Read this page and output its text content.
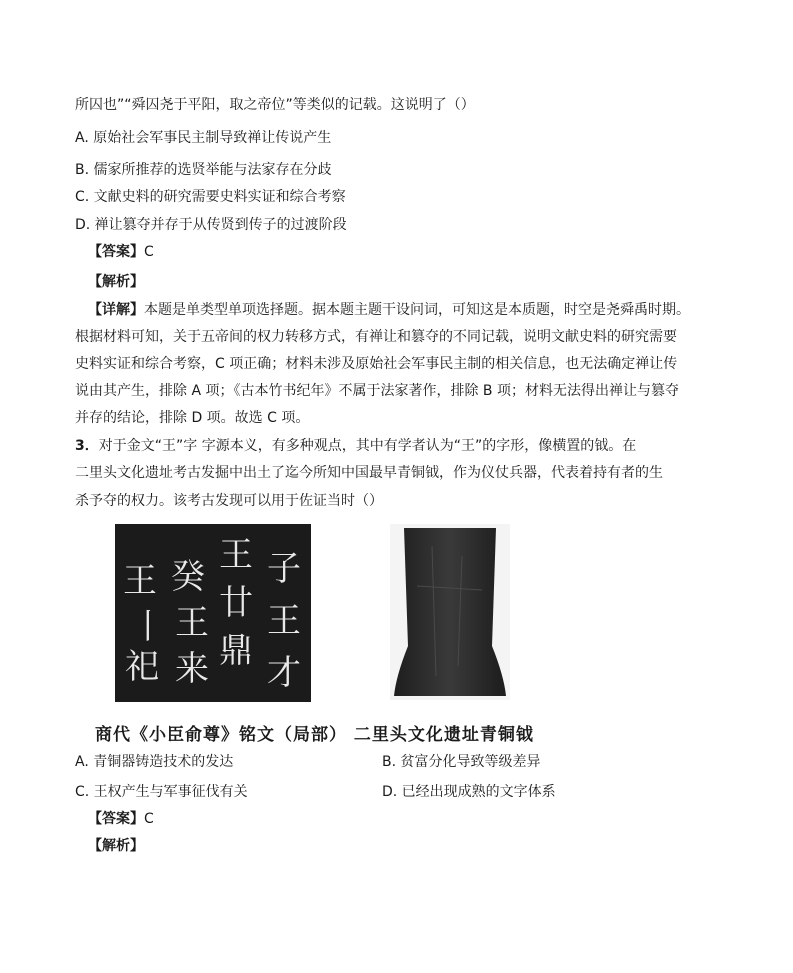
所囚也”“舜囚尧于平阳，取之帝位”等类似的记载。这说明了（）
A. 原始社会军事民主制导致禅让传说产生
B. 儒家所推荐的选贤举能与法家存在分歧
C. 文献史料的研究需要史料实证和综合考察
D. 禅让篡夺并存于从传贤到传子的过渡阶段
【答案】C
【解析】
【详解】本题是单类型单项选择题。据本题主题干设问词，可知这是本质题，时空是尧舜禹时期。
根据材料可知，关于五帝间的权力转移方式，有禅让和篡夺的不同记载，说明文献史料的研究需要
史料实证和综合考察，C 项正确；材料未涉及原始社会军事民主制的相关信息，也无法确定禅让传
说由其产生，排除 A 项；《古本竹书纪年》不属于法家著作，排除 B 项；材料无法得出禅让与篡夺
并存的结论，排除 D 项。故选 C 项。
3．对于金文“王”字 字源本义，有多种观点，其中有学者认为“王”的字形，像横置的钺。在
二里头文化遗址考古发掘中出土了迄今所知中国最早青铜钺，作为仪仗兵器，代表着持有者的生
杀予夺的权力。该考古发现可以用于佐证当时（）
王 癸
王 子
丨 王 廿 王
祀 来 鼎
才
商代《小臣俞尊》铭文（局部） 二里头文化遗址青铜钺
A. 青铜器铸造技术的发达	B. 贫富分化导致等级差异
C. 王权产生与军事征伐有关	D. 已经出现成熟的文字体系
【答案】C
【解析】
